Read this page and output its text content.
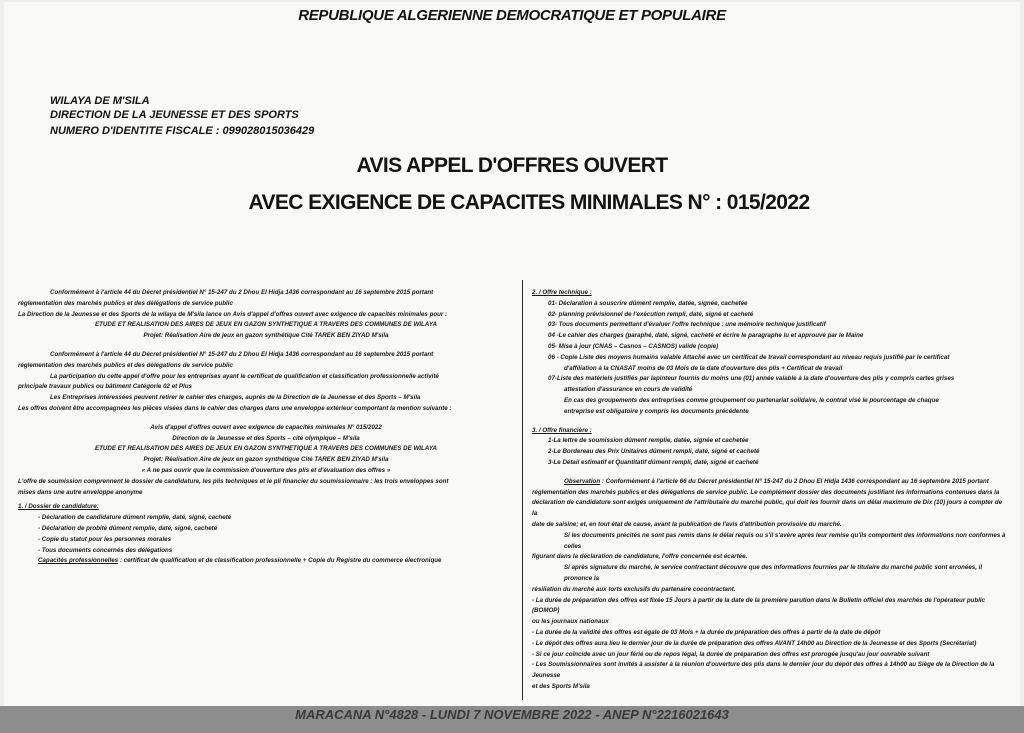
REPUBLIQUE ALGERIENNE DEMOCRATIQUE ET POPULAIRE
WILAYA DE M'SILA
DIRECTION DE LA JEUNESSE ET DES SPORTS
NUMERO D'IDENTITE FISCALE : 099028015036429
AVIS APPEL D'OFFRES OUVERT
AVEC EXIGENCE DE CAPACITES MINIMALES N° : 015/2022
Conformément à l'article 44 du Décret présidentiel N° 15-247 du 2 Dhou El Hidja 1436 correspondant au 16 septembre 2015 portant
réglementation des marchés publics et des délégations de service public
La Direction de la Jeunesse et des Sports de la wilaya de M'sila lance un Avis d'appel d'offres ouvert avec exigence de capacités minimales pour :
ETUDE ET REALISATION DES AIRES DE JEUX EN GAZON SYNTHETIQUE A TRAVERS DES COMMUNES DE WILAYA
Projet: Réalisation Aire de jeux en gazon synthétique Cité TAREK BEN ZIYAD M'sila
Conformément à l'article 44 du Décret présidentiel N° 15-247 du 2 Dhou El Hidja 1436 correspondant au 16 septembre 2015 portant
réglementation des marchés publics et des délégations de service public
La participation du cette appel d'offre pour les entreprises ayant le certificat de qualification et classification professionnelle activité
principale travaux publics ou bâtiment Catégorie 02 et Plus
Les Entreprises intéressées peuvent retirer le cahier des charges, auprès de la Direction de la Jeunesse et des Sports – M'sila
Les offres doivent être accompagnées les pièces visées dans le cahier des charges dans une enveloppe extérieur comportant la mention suivante :
Avis d'appel d'offres ouvert avec exigence de capacités minimales N° 015/2022
Direction de la Jeunesse et des Sports – cité olympique – M'sila
ETUDE ET REALISATION DES AIRES DE JEUX EN GAZON SYNTHETIQUE A TRAVERS DES COMMUNES DE WILAYA
Projet: Réalisation Aire de jeux en gazon synthétique Cité TAREK BEN ZIYAD M'sila
« A ne pas ouvrir que la commission d'ouverture des plis et d'évaluation des offres »
L'offre de soumission comprennent le dossier de candidature, les plis techniques et le pli financier du soumissionnaire : les trois enveloppes sont
mises dans une autre enveloppe anonyme
1. / Dossier de candidature:
- Déclaration de candidature dûment remplie, daté, signé, cacheté
- Déclaration de probité dûment remplie, daté, signé, cacheté
- Copie du statut pour les personnes morales
- Tous documents concernés des délégations
Capacités professionnelles : certificat de qualification et de classification professionnelle + Copie du Registre du commerce électronique
2. / Offre technique :
01- Déclaration à souscrire dûment remplie, datée, signée, cachetée
02- planning prévisionnel de l'exécution rempli, daté, signé et cacheté
03- Tous documents permettant d'évaluer l'offre technique : une mémoire technique justificatif
04 -Le cahier des charges (paraphé, daté, signé, cacheté et écrire le paragraphe lu et approuvé par le Maine
05- Mise à jour (CNAS – Casnos – CASNOS) valide (copie)
06 - Copie Liste des moyens humains valable Attaché avec un certificat de travail correspondant au niveau requis justifié par le certificat
d'affiliation à la CNASAT moins de 03 Mois de la date d'ouverture des plis + Certificat de travail
07-Liste des matériels justifiés par lapinteur fournis du moins une (01) année valable à la date d'ouverture des plis y compris cartes grises
attestation d'assurance en cours de validité
En cas des groupements des entreprises comme groupement ou partenariat solidaire, le contrat visé le pourcentage de chaque
entreprise est obligatoire y compris les documents précédente
3. / Offre financière :
1-La lettre de soumission dûment remplie, datée, signée et cachetée
2-Le Bordereau des Prix Unitaires dûment rempli, daté, signé et cacheté
3-Le Détail estimatif et Quantitatif dûment rempli, daté, signé et cacheté
Observation : Conformément à l'article 66 du Décret présidentiel N° 15-247 du 2 Dhou El Hidja 1436 correspondant au 16 septembre 2015 portant
réglementation des marchés publics et des délégations de service public. Le complément dossier des documents justifiant les informations contenues dans la
déclaration de candidature sont exigés uniquement de l'attributaire du marché public, qui doit les fournir dans un délai maximum de Dix (10) jours à compter de la
date de saisine; et, en tout état de cause, avant la publication de l'avis d'attribution provisoire du marché.
Si les documents précités ne sont pas remis dans le délai requis ou s'il s'avère après leur remise qu'ils comportent des informations non conformes à celles
figurant dans la déclaration de candidature, l'offre concernée est écartée.
Si après signature du marché, le service contractant découvre que des informations fournies par le titulaire du marché public sont erronées, il prononce la
résiliation du marché aux torts exclusifs du partenaire cocontractant.
- La durée de préparation des offres est fixée 15 Jours à partir de la date de la première parution dans le Bulletin officiel des marchés de l'opérateur public (BOMOP)
ou les journaux nationaux
- La durée de la validité des offres est égale de 03 Mois + la durée de préparation des offres à partir de la date de dépôt
- Le dépôt des offres aura lieu le dernier jour de la durée de préparation des offres AVANT 14h00 au Direction de la Jeunesse et des Sports (Secrétariat)
- Si ce jour coïncide avec un jour férié ou de repos légal, la durée de préparation des offres est prorogée jusqu'au jour ouvrable suivant
- Les Soumissionnaires sont invités à assister à la réunion d'ouverture des plis dans le dernier jour du dépôt des offres à 14h00 au Siège de la Direction de la Jeunesse
et des Sports M'sila
MARACANA N°4828 - LUNDI 7 NOVEMBRE 2022 - ANEP N°2216021643
